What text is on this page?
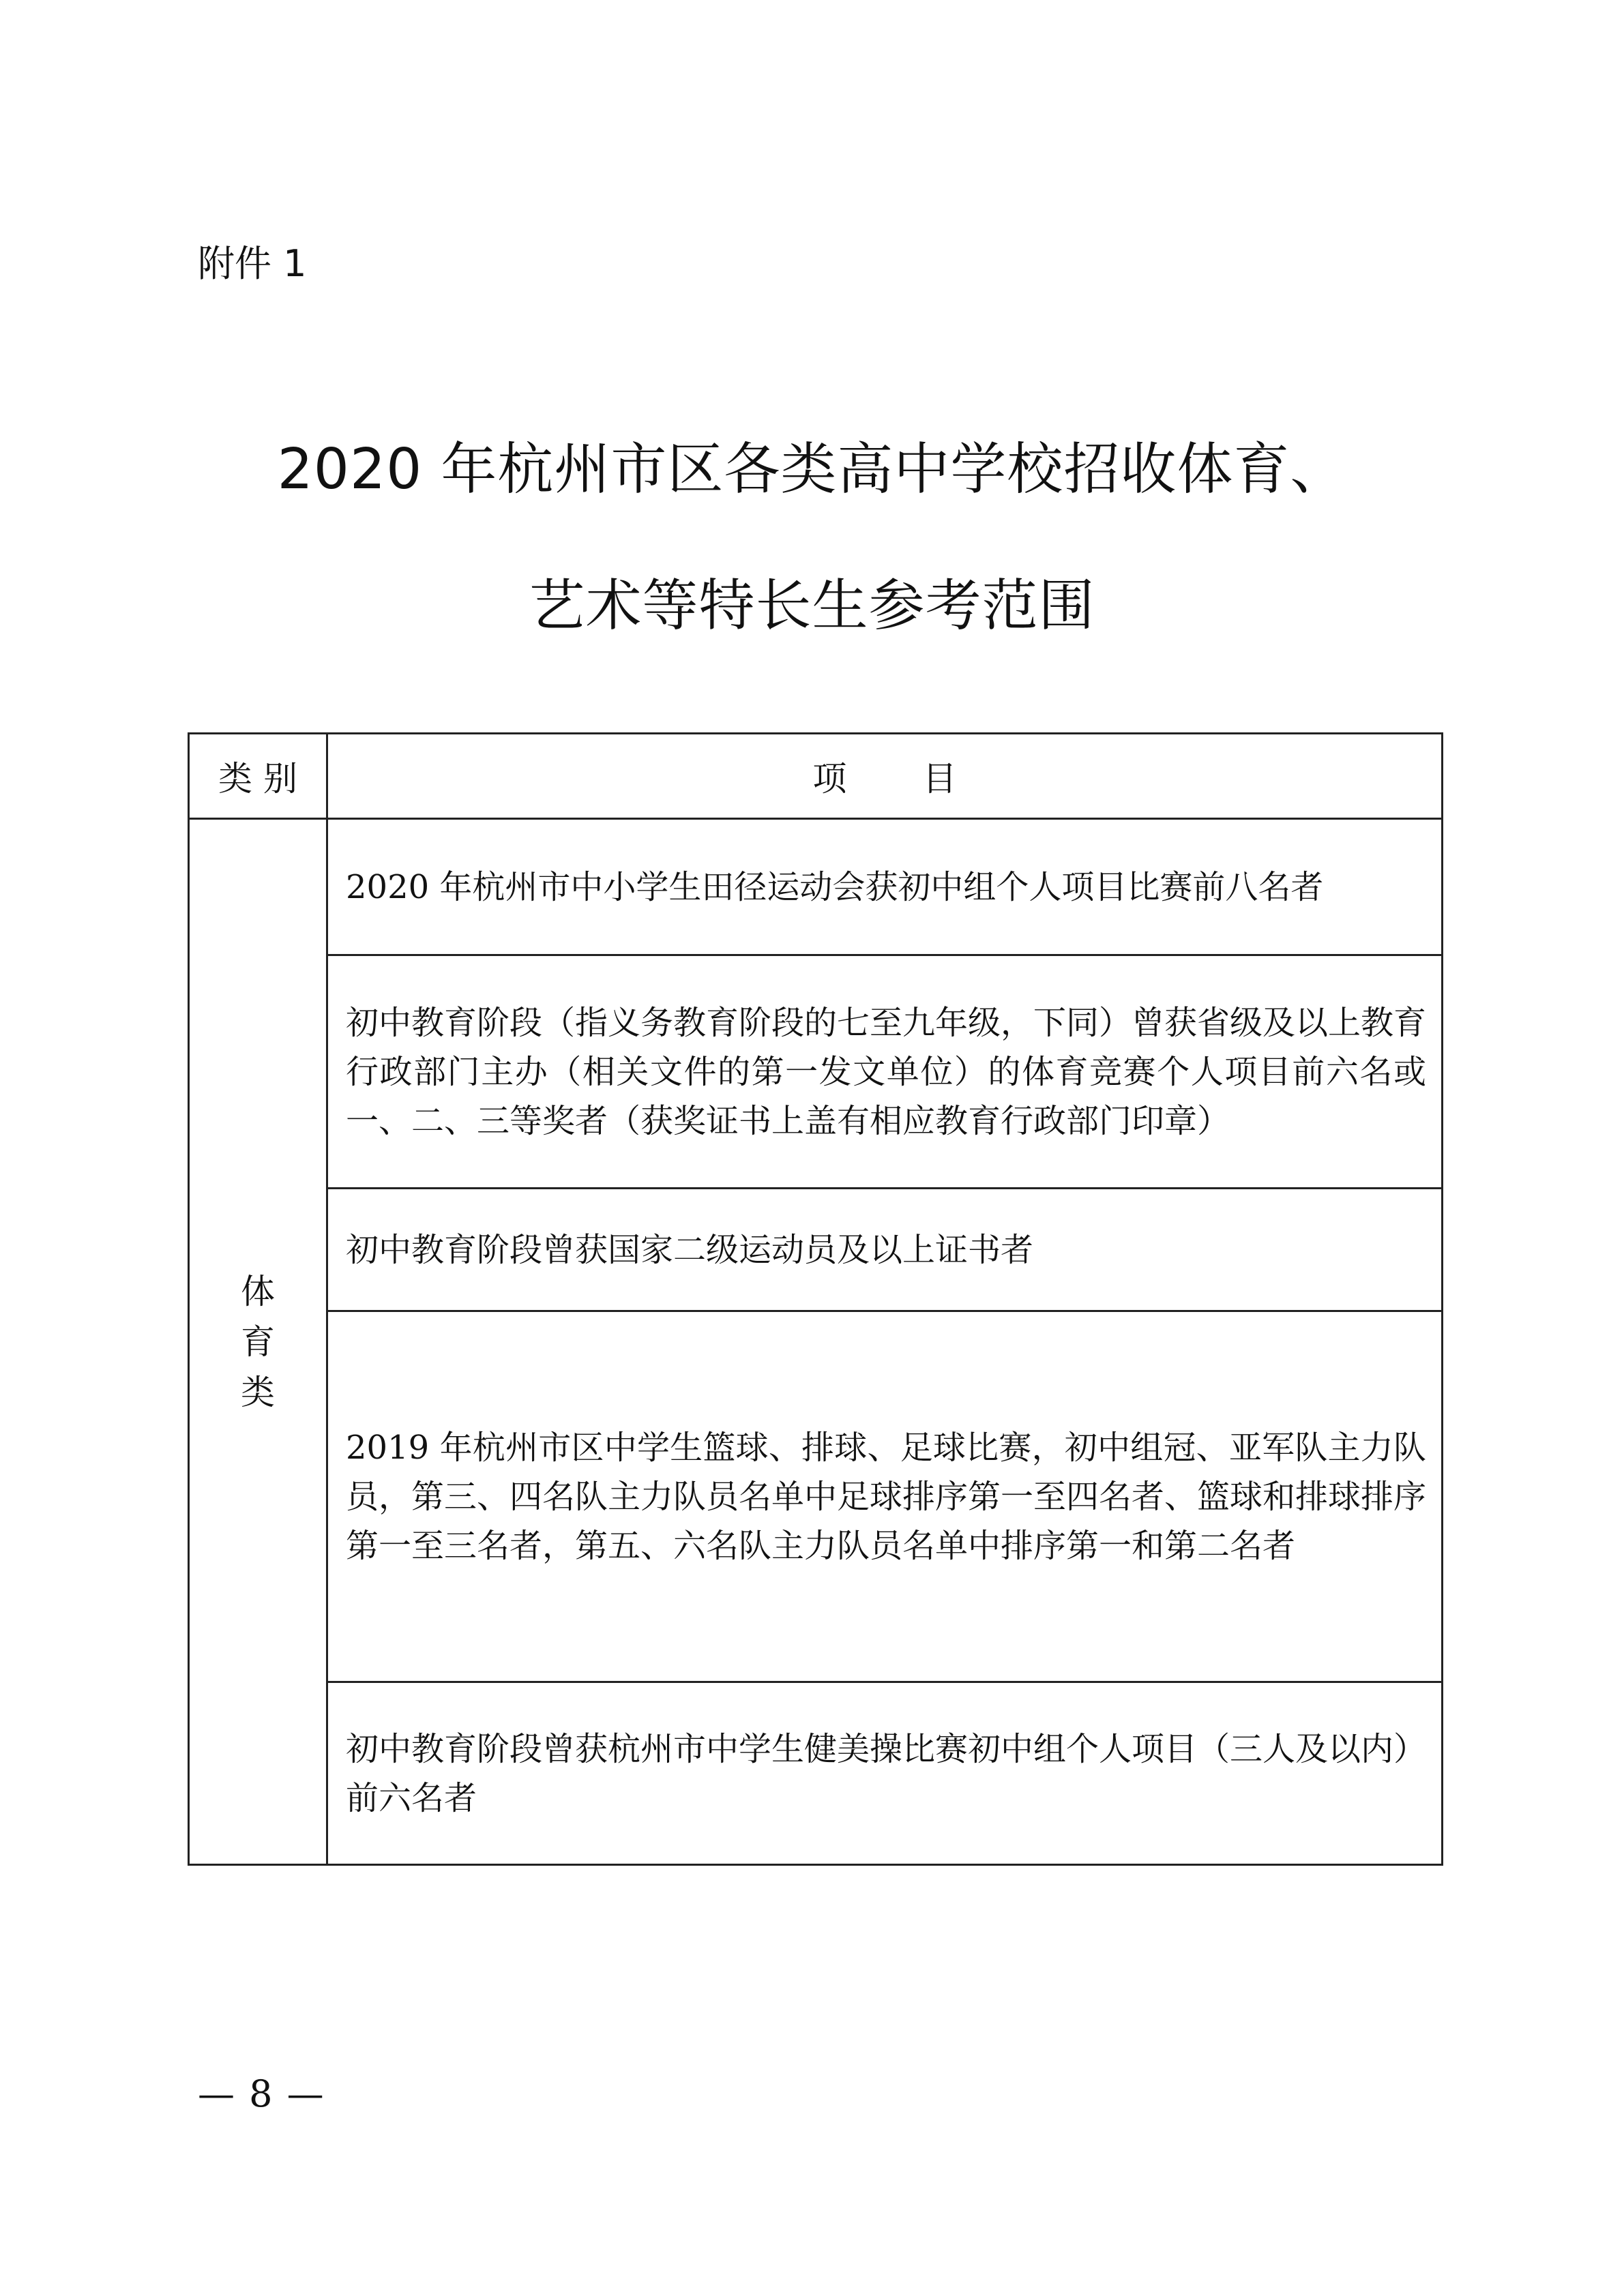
附件 1
2020 年杭州市区各类高中学校招收体育、
艺术等特长生参考范围
类 别	项       目

体
育
类	2020 年杭州市中小学生田径运动会获初中组个人项目比赛前八名者
	初中教育阶段（指义务教育阶段的七至九年级，下同）曾获省级及以上教育行政部门主办（相关文件的第一发文单位）的体育竞赛个人项目前六名或一、二、三等奖者（获奖证书上盖有相应教育行政部门印章）
	初中教育阶段曾获国家二级运动员及以上证书者
	2019 年杭州市区中学生篮球、排球、足球比赛，初中组冠、亚军队主力队员，第三、四名队主力队员名单中足球排序第一至四名者、篮球和排球排序第一至三名者，第五、六名队主力队员名单中排序第一和第二名者
	初中教育阶段曾获杭州市中学生健美操比赛初中组个人项目（三人及以内）前六名者
— 8 —
